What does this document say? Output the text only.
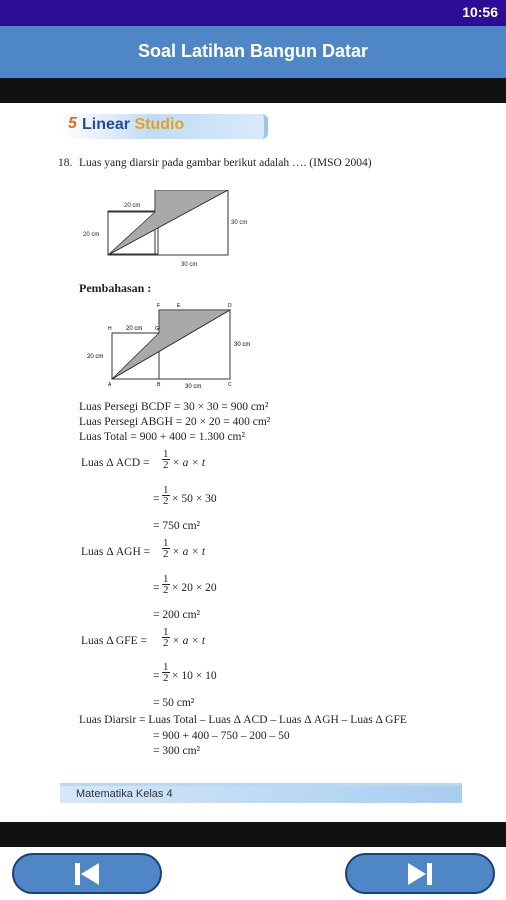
10:56
Soal Latihan Bangun Datar
5 Linear Studio
18. Luas yang diarsir pada gambar berikut adalah …. (IMSO 2004)
20 cm
20 cm
30 cm
30 cm
Pembahasan :
H	G
F	E	D
A	B	C
20 cm
20 cm
30 cm
30 cm
Luas Persegi BCDF = 30 × 30 = 900 cm²
Luas Persegi ABGH = 20 × 20 = 400 cm²
Luas Total = 900 + 400 = 1.300 cm²
Luas Δ ACD = $\frac{1}{2} \times a \times t$
= $\frac{1}{2} \times 50 \times 30$
= 750 cm²
Luas Δ AGH = $\frac{1}{2} \times a \times t$
= $\frac{1}{2} \times 20 \times 20$
= 200 cm²
Luas Δ GFE = $\frac{1}{2} \times a \times t$
= $\frac{1}{2} \times 10 \times 10$
= 50 cm²
Luas Diarsir = Luas Total – Luas Δ ACD – Luas Δ AGH – Luas Δ GFE
= 900 + 400 – 750 – 200 – 50
= 300 cm²
Matematika Kelas 4
